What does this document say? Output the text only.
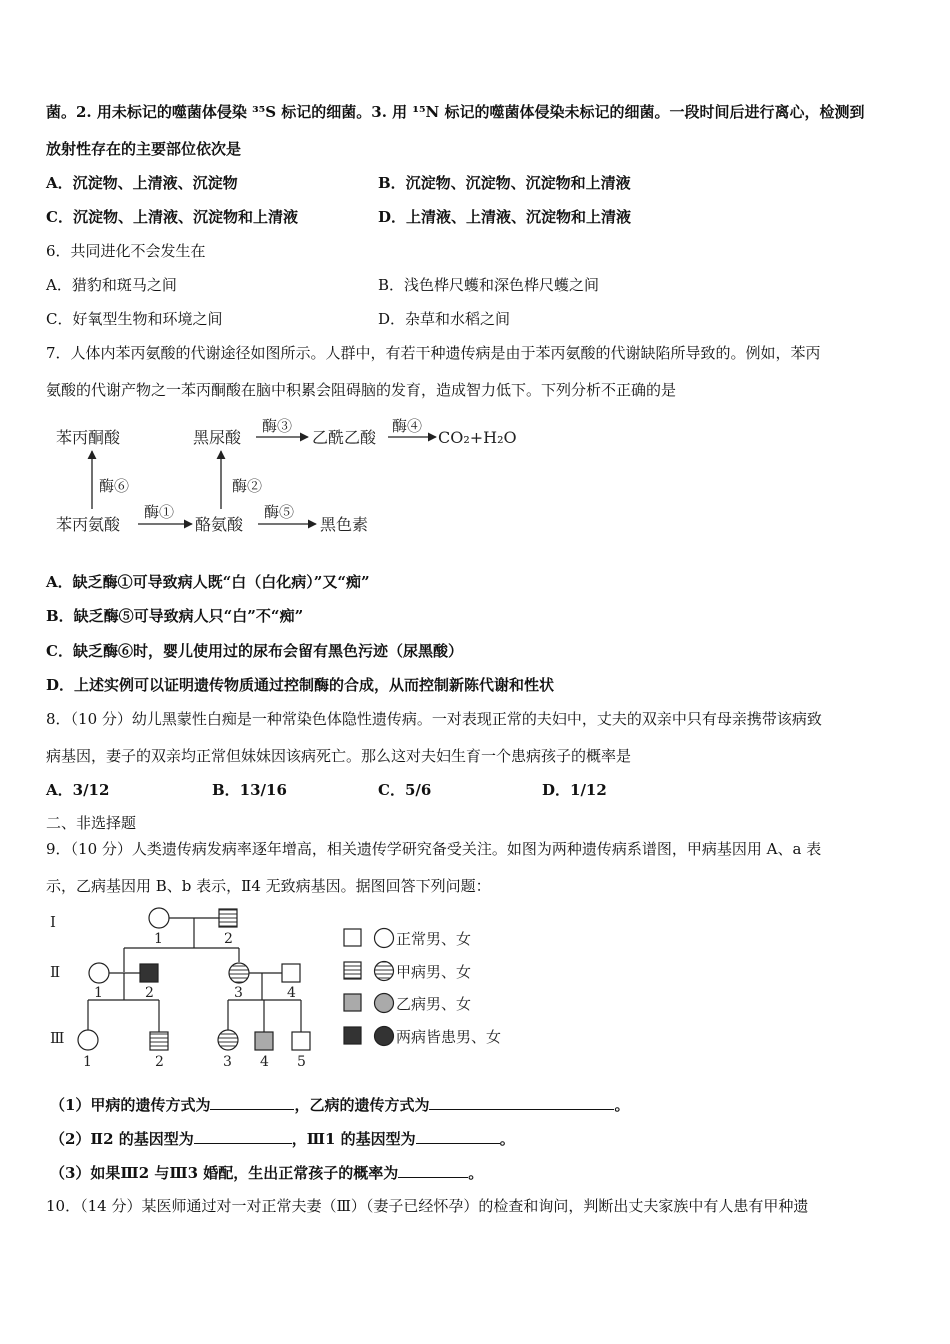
菌。2. 用未标记的噬菌体侵染 ³⁵S 标记的细菌。3. 用 ¹⁵N 标记的噬菌体侵染未标记的细菌。一段时间后进行离心，检测到
放射性存在的主要部位依次是
A．沉淀物、上清液、沉淀物	B．沉淀物、沉淀物、沉淀物和上清液
C．沉淀物、上清液、沉淀物和上清液	D．上清液、上清液、沉淀物和上清液
6．共同进化不会发生在
A．猎豹和斑马之间	B．浅色桦尺蠖和深色桦尺蠖之间
C．好氧型生物和环境之间	D．杂草和水稻之间
7．人体内苯丙氨酸的代谢途径如图所示。人群中，有若干种遗传病是由于苯丙氨酸的代谢缺陷所导致的。例如，苯丙
氨酸的代谢产物之一苯丙酮酸在脑中积累会阻碍脑的发育，造成智力低下。下列分析不正确的是
苯丙酮酸
苯丙氨酸
黑尿酸
酪氨酸
乙酰乙酸	CO₂+H₂O
黑色素
酶⑥
酶①
酶②
酶③	酶④
酶⑤
A．缺乏酶①可导致病人既“白（白化病）”又“痴”
B．缺乏酶⑤可导致病人只“白”不“痴”
C．缺乏酶⑥时，婴儿使用过的尿布会留有黑色污迹（尿黑酸）
D．上述实例可以证明遗传物质通过控制酶的合成，从而控制新陈代谢和性状
8．（10 分）幼儿黑蒙性白痴是一种常染色体隐性遗传病。一对表现正常的夫妇中，丈夫的双亲中只有母亲携带该病致
病基因，妻子的双亲均正常但妹妹因该病死亡。那么这对夫妇生育一个患病孩子的概率是
A．3/12	B．13/16	C．5/6	D．1/12
二、非选择题
9．（10 分）人类遗传病发病率逐年增高，相关遗传学研究备受关注。如图为两种遗传病系谱图，甲病基因用 A、a 表
示，乙病基因用 B、b 表示，Ⅱ4 无致病基因。据图回答下列问题：
Ⅰ
Ⅱ
Ⅲ
1	2
1	2	3	4
1	2	3 4 5
正常男、女
甲病男、女
乙病男、女
两病皆患男、女
（1）甲病的遗传方式为	，乙病的遗传方式为	。
（2）Ⅱ2 的基因型为	，Ⅲ1 的基因型为	。
（3）如果Ⅲ2 与Ⅲ3 婚配，生出正常孩子的概率为	。
10．（14 分）某医师通过对一对正常夫妻（Ⅲ）（妻子已经怀孕）的检查和询问，判断出丈夫家族中有人患有甲种遗
